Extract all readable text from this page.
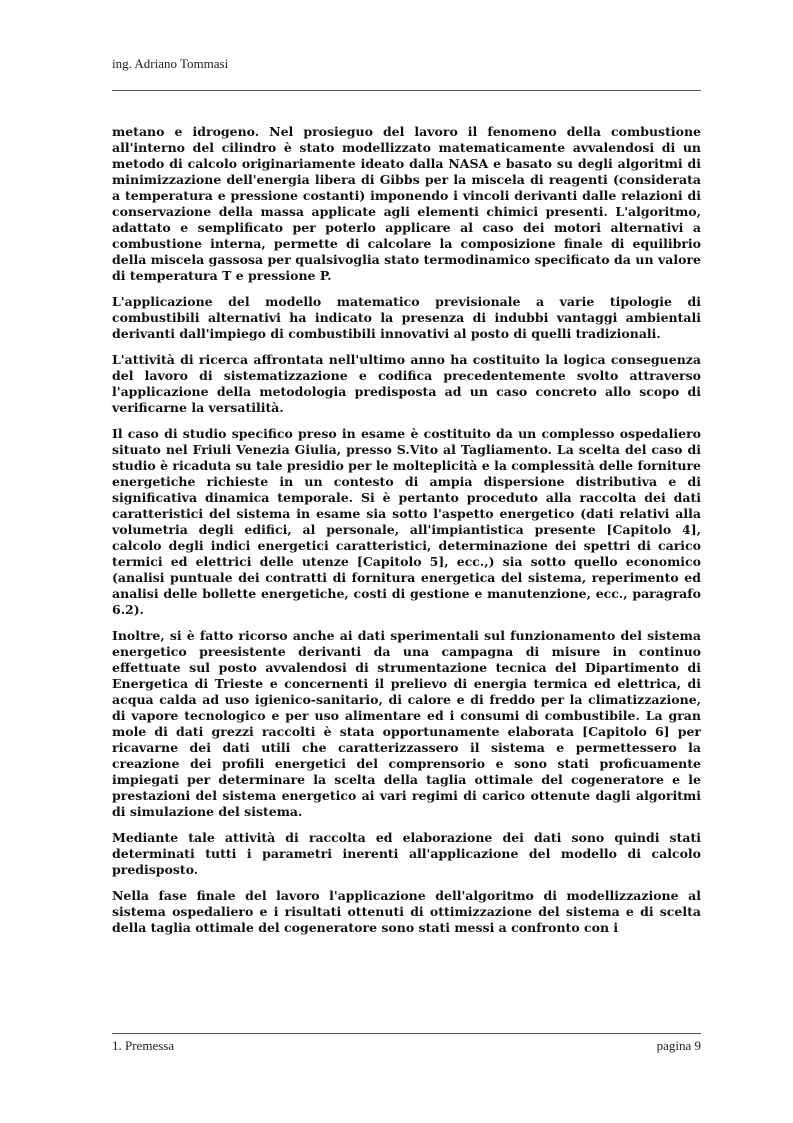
ing. Adriano Tommasi

metano e idrogeno. Nel prosieguo del lavoro il fenomeno della combustione all'interno del cilindro è stato modellizzato matematicamente avvalendosi di un metodo di calcolo originariamente ideato dalla NASA e basato su degli algoritmi di minimizzazione dell'energia libera di Gibbs per la miscela di reagenti (considerata a temperatura e pressione costanti) imponendo i vincoli derivanti dalle relazioni di conservazione della massa applicate agli elementi chimici presenti. L'algoritmo, adattato e semplificato per poterlo applicare al caso dei motori alternativi a combustione interna, permette di calcolare la composizione finale di equilibrio della miscela gassosa per qualsivoglia stato termodinamico specificato da un valore di temperatura T e pressione P.

L'applicazione del modello matematico previsionale a varie tipologie di combustibili alternativi ha indicato la presenza di indubbi vantaggi ambientali derivanti dall'impiego di combustibili innovativi al posto di quelli tradizionali.

L'attività di ricerca affrontata nell'ultimo anno ha costituito la logica conseguenza del lavoro di sistematizzazione e codifica precedentemente svolto attraverso l'applicazione della metodologia predisposta ad un caso concreto allo scopo di verificarne la versatilità.

Il caso di studio specifico preso in esame è costituito da un complesso ospedaliero situato nel Friuli Venezia Giulia, presso S.Vito al Tagliamento. La scelta del caso di studio è ricaduta su tale presidio per le molteplicità e la complessità delle forniture energetiche richieste in un contesto di ampia dispersione distributiva e di significativa dinamica temporale. Si è pertanto proceduto alla raccolta dei dati caratteristici del sistema in esame sia sotto l'aspetto energetico (dati relativi alla volumetria degli edifici, al personale, all'impiantistica presente [Capitolo 4], calcolo degli indici energetici caratteristici, determinazione dei spettri di carico termici ed elettrici delle utenze [Capitolo 5], ecc.,) sia sotto quello economico (analisi puntuale dei contratti di fornitura energetica del sistema, reperimento ed analisi delle bollette energetiche, costi di gestione e manutenzione, ecc., paragrafo 6.2).

Inoltre, si è fatto ricorso anche ai dati sperimentali sul funzionamento del sistema energetico preesistente derivanti da una campagna di misure in continuo effettuate sul posto avvalendosi di strumentazione tecnica del Dipartimento di Energetica di Trieste e concernenti il prelievo di energia termica ed elettrica, di acqua calda ad uso igienico-sanitario, di calore e di freddo per la climatizzazione, di vapore tecnologico e per uso alimentare ed i consumi di combustibile. La gran mole di dati grezzi raccolti è stata opportunamente elaborata [Capitolo 6] per ricavarne dei dati utili che caratterizzassero il sistema e permettessero la creazione dei profili energetici del comprensorio e sono stati proficuamente impiegati per determinare la scelta della taglia ottimale del cogeneratore e le prestazioni del sistema energetico ai vari regimi di carico ottenute dagli algoritmi di simulazione del sistema.

Mediante tale attività di raccolta ed elaborazione dei dati sono quindi stati determinati tutti i parametri inerenti all'applicazione del modello di calcolo predisposto.

Nella fase finale del lavoro l'applicazione dell'algoritmo di modellizzazione al sistema ospedaliero e i risultati ottenuti di ottimizzazione del sistema e di scelta della taglia ottimale del cogeneratore sono stati messi a confronto con i

1. Premessa	pagina 9
